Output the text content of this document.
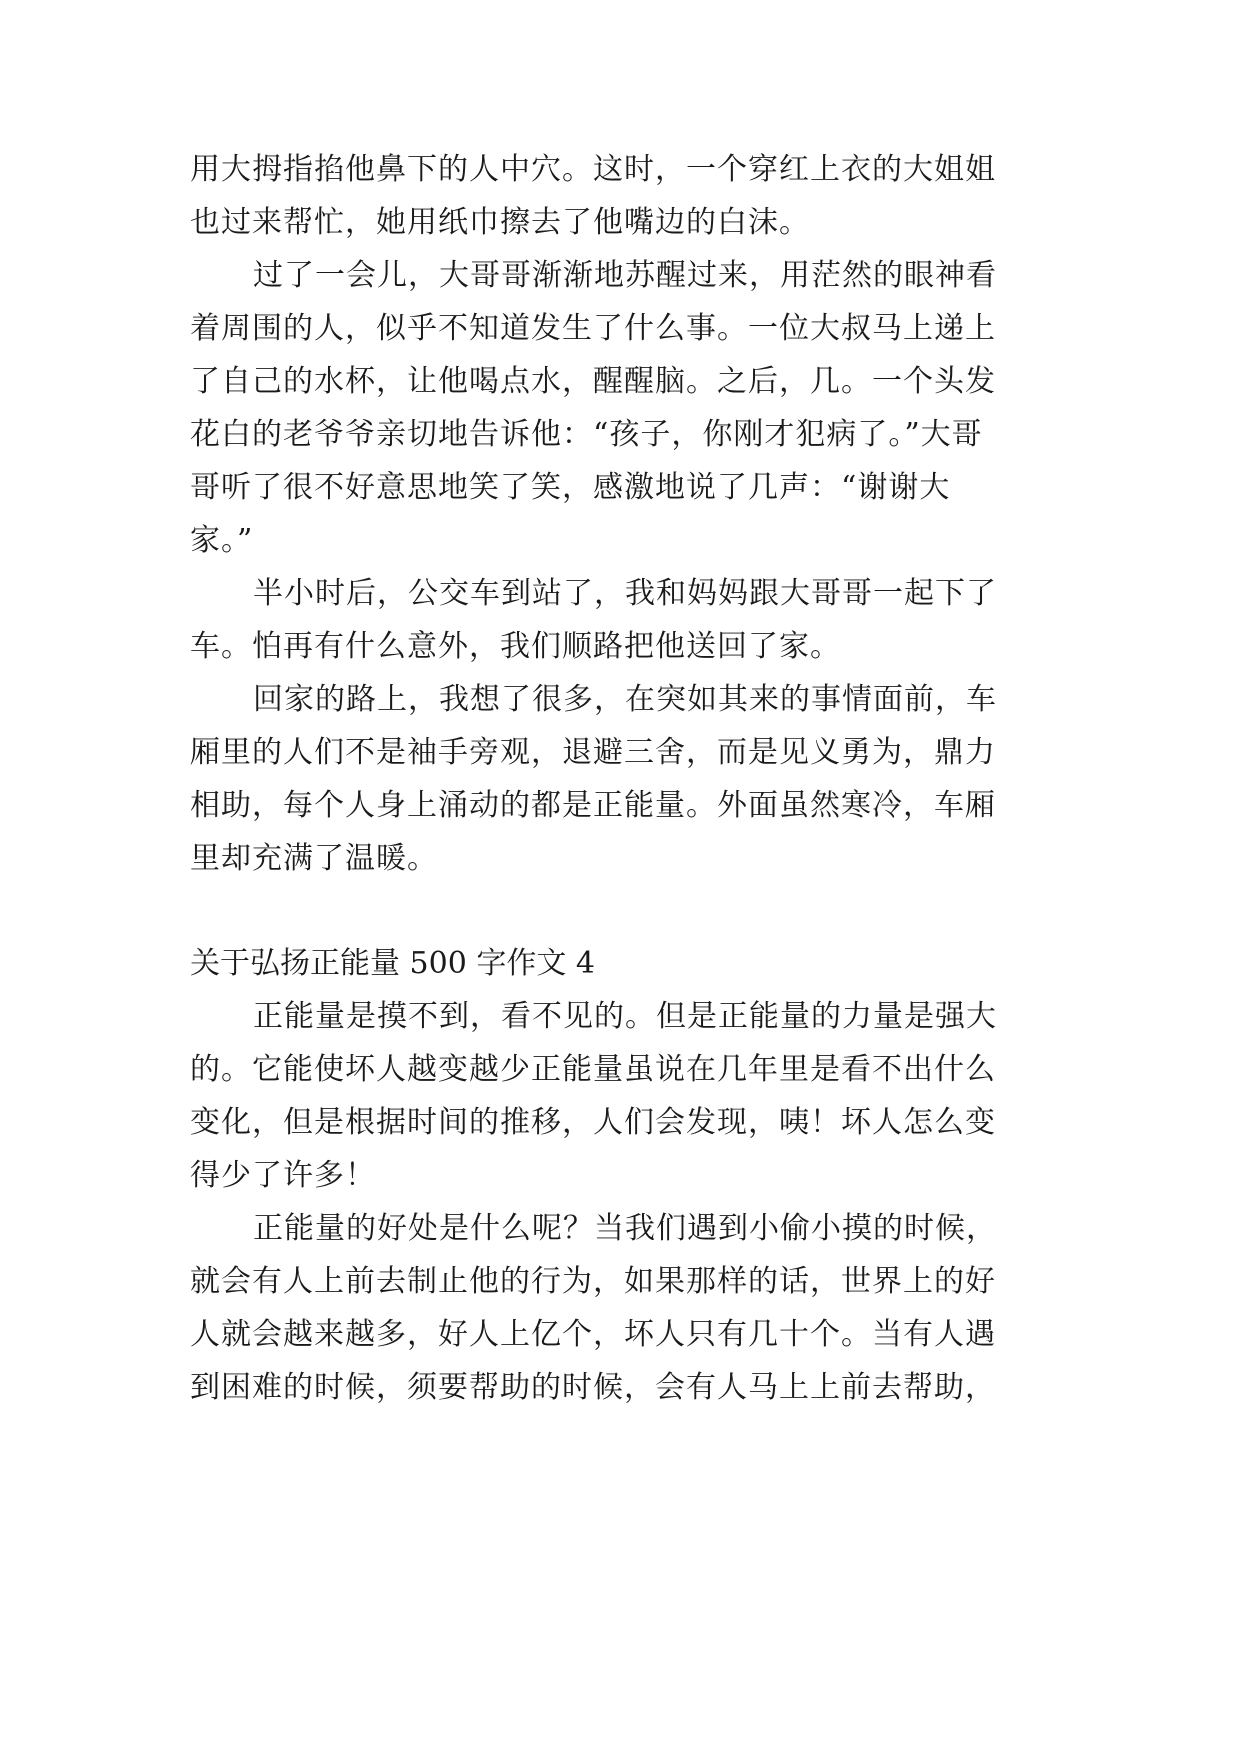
用大拇指掐他鼻下的人中穴。这时，一个穿红上衣的大姐姐
也过来帮忙，她用纸巾擦去了他嘴边的白沫。
过了一会儿，大哥哥渐渐地苏醒过来，用茫然的眼神看
着周围的人，似乎不知道发生了什么事。一位大叔马上递上
了自己的水杯，让他喝点水，醒醒脑。之后，几。一个头发
花白的老爷爷亲切地告诉他：“孩子，你刚才犯病了。”大哥
哥听了很不好意思地笑了笑，感激地说了几声：“谢谢大
家。”
半小时后，公交车到站了，我和妈妈跟大哥哥一起下了
车。怕再有什么意外，我们顺路把他送回了家。
回家的路上，我想了很多，在突如其来的事情面前，车
厢里的人们不是袖手旁观，退避三舍，而是见义勇为，鼎力
相助，每个人身上涌动的都是正能量。外面虽然寒冷，车厢
里却充满了温暖。
关于弘扬正能量 500 字作文 4
正能量是摸不到，看不见的。但是正能量的力量是强大
的。它能使坏人越变越少正能量虽说在几年里是看不出什么
变化，但是根据时间的推移，人们会发现，咦！坏人怎么变
得少了许多！
正能量的好处是什么呢？当我们遇到小偷小摸的时候，
就会有人上前去制止他的行为，如果那样的话，世界上的好
人就会越来越多，好人上亿个，坏人只有几十个。当有人遇
到困难的时候，须要帮助的时候，会有人马上上前去帮助，
